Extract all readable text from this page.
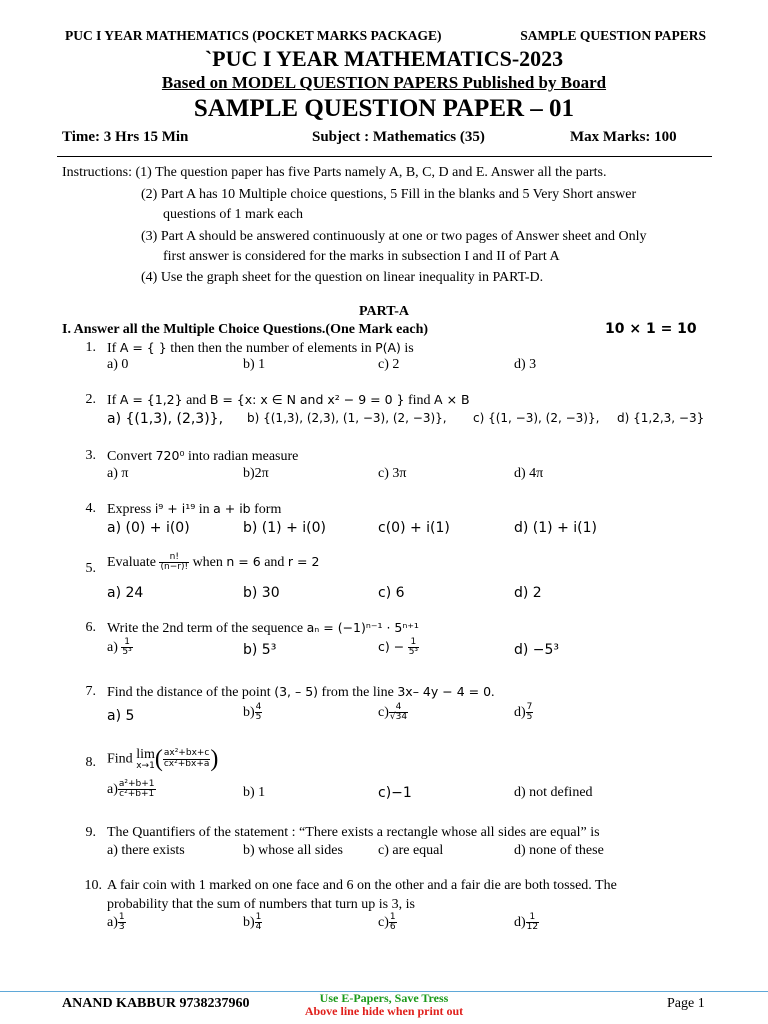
PUC I YEAR MATHEMATICS (POCKET MARKS PACKAGE)	SAMPLE QUESTION PAPERS
`PUC I YEAR MATHEMATICS-2023
Based on MODEL QUESTION PAPERS Published by Board
SAMPLE QUESTION PAPER – 01
Time: 3 Hrs 15 Min	Subject : Mathematics (35)	Max Marks: 100
Instructions: (1) The question paper has five Parts namely A, B, C, D and E. Answer all the parts.
(2) Part A has 10 Multiple choice questions, 5 Fill in the blanks and 5 Very Short answer
questions of 1 mark each
(3) Part A should be answered continuously at one or two pages of Answer sheet and Only
first answer is considered for the marks in subsection I and II of Part A
(4) Use the graph sheet for the question on linear inequality in PART-D.
PART-A
I. Answer all the Multiple Choice Questions.(One Mark each)	10 × 1 = 10
1. If A = { } then then the number of elements in P(A) is
a) 0	b) 1	c) 2	d) 3
2. If A = {1,2} and B = {x: x ∈ N and x² − 9 = 0 } find A × B
a) {(1,3), (2,3)}, b) {(1,3), (2,3), (1, −3), (2, −3)}, c) {(1, −3), (2, −3)}, d) {1,2,3, −3}
3. Convert 720⁰ into radian measure
a) π	b)2π	c) 3π	d) 4π
4. Express i⁹ + i¹⁹ in a + ib form
a) (0) + i(0)	b) (1) + i(0)	c(0) + i(1)	d) (1) + i(1)
5. Evaluate $\frac{n!}{(n-r)!}$ when n = 6 and r = 2
a) 24	b) 30	c) 6	d) 2
6. Write the 2nd term of the sequence aₙ = (−1)ⁿ⁻¹ · 5ⁿ⁺¹
$a) \frac{1}{\text{5³}}$	b) 5³	$c) - \frac{1}{\text{5³}}$	d) −5³
7. Find the distance of the point (3, – 5) from the line 3x– 4y − 4 = 0.
a) 5	$b) \frac{4}{5}$	$c) \frac{4}{√34}$	$d) \frac{7}{5}$
8. Find lim
x→1 ( $\frac{\text{ax²+bx+c}}{\text{cx²+bx+a}}$ )
$a) \frac{\text{a²+b+1}}{\text{c²+b+1}}$	b) 1	c)−1	d) not defined
9. The Quantifiers of the statement : “There exists a rectangle whose all sides are equal” is
a) there exists	b) whose all sides	c) are equal	d) none of these
10. A fair coin with 1 marked on one face and 6 on the other and a fair die are both tossed. The
probability that the sum of numbers that turn up is 3, is
$a) \frac{1}{3}$	$b) \frac{1}{4}$	$c) \frac{1}{6}$	$d) \frac{1}{12}$
ANAND KABBUR 9738237960	Use E-Papers, Save Tress
Above line hide when print out	Page 1
